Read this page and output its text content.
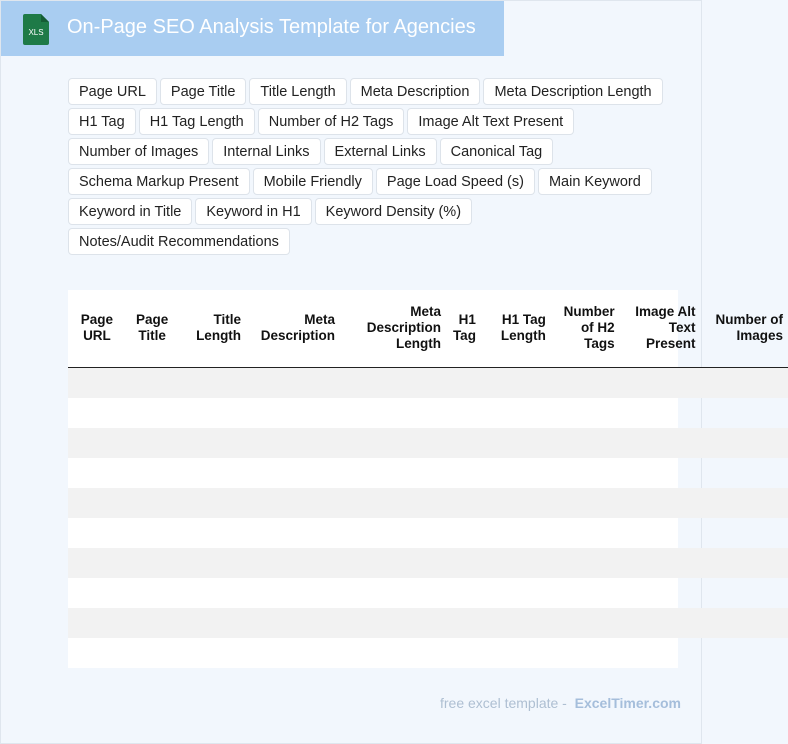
XLS On-Page SEO Analysis Template for Agencies
Page URL	Page Title	Title Length	Meta Description	Meta Description Length
H1 Tag	H1 Tag Length	Number of H2 Tags	Image Alt Text Present
Number of Images	Internal Links	External Links	Canonical Tag
Schema Markup Present	Mobile Friendly	Page Load Speed (s)	Main Keyword
Keyword in Title	Keyword in H1	Keyword Density (%)
Notes/Audit Recommendations
Page URL	Page Title	Title Length	Meta Description	Meta Description Length	H1 Tag	H1 Tag Length	Number of H2 Tags	Image Alt Text Present	Number of Images

free excel template - ExcelTimer.com
